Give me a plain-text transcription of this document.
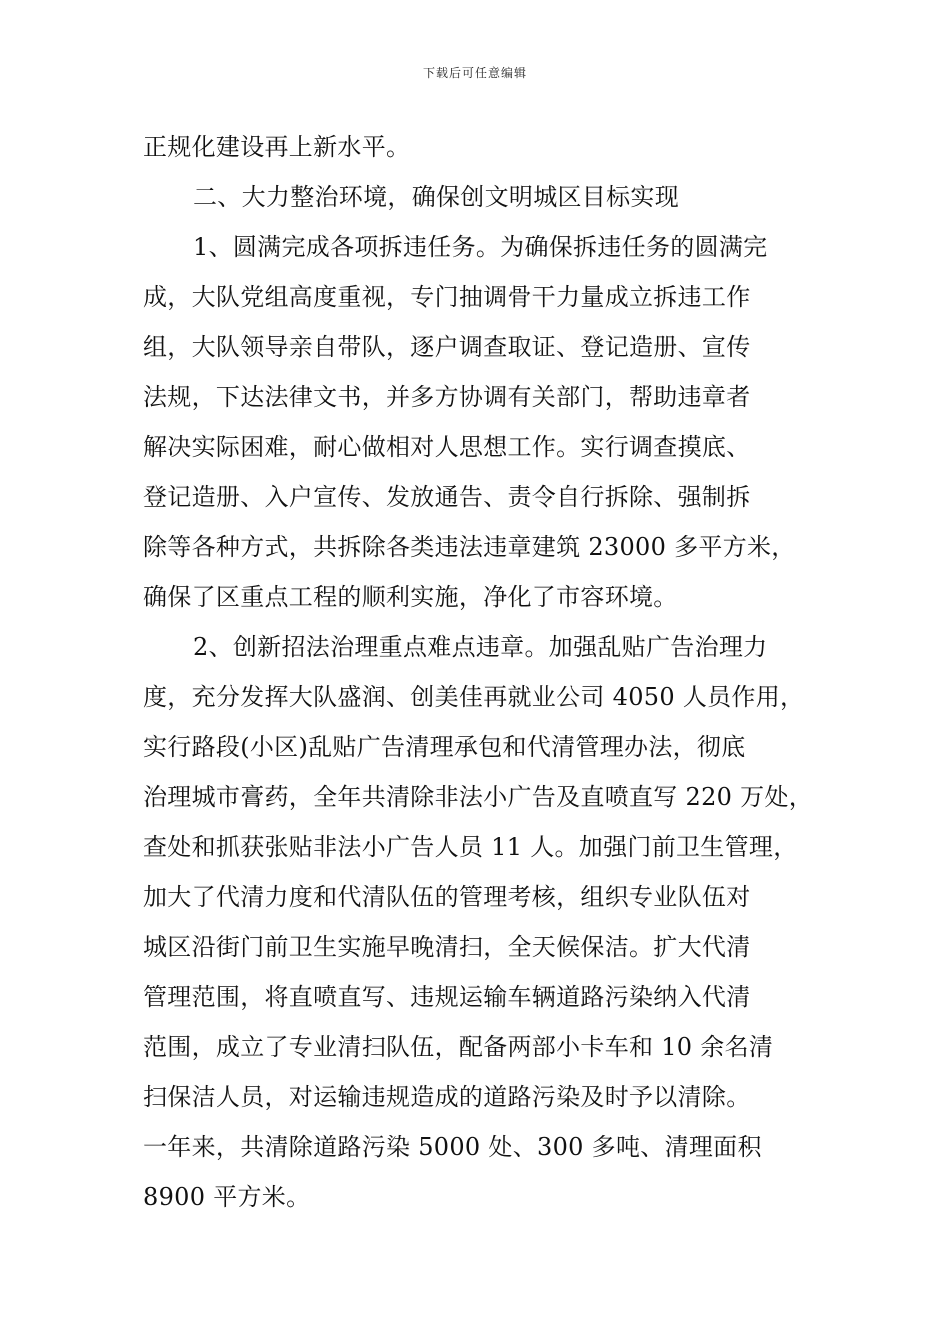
下载后可任意编辑
正规化建设再上新水平。
二、大力整治环境，确保创文明城区目标实现
1、圆满完成各项拆违任务。为确保拆违任务的圆满完
成，大队党组高度重视，专门抽调骨干力量成立拆违工作
组，大队领导亲自带队，逐户调查取证、登记造册、宣传
法规，下达法律文书，并多方协调有关部门，帮助违章者
解决实际困难，耐心做相对人思想工作。实行调查摸底、
登记造册、入户宣传、发放通告、责令自行拆除、强制拆
除等各种方式，共拆除各类违法违章建筑 23000 多平方米，
确保了区重点工程的顺利实施，净化了市容环境。
2、创新招法治理重点难点违章。加强乱贴广告治理力
度，充分发挥大队盛润、创美佳再就业公司 4050 人员作用，
实行路段(小区)乱贴广告清理承包和代清管理办法，彻底
治理城市膏药，全年共清除非法小广告及直喷直写 220 万处，
查处和抓获张贴非法小广告人员 11 人。加强门前卫生管理，
加大了代清力度和代清队伍的管理考核，组织专业队伍对
城区沿街门前卫生实施早晚清扫，全天候保洁。扩大代清
管理范围，将直喷直写、违规运输车辆道路污染纳入代清
范围，成立了专业清扫队伍，配备两部小卡车和 10 余名清
扫保洁人员，对运输违规造成的道路污染及时予以清除。
一年来，共清除道路污染 5000 处、300 多吨、清理面积
8900 平方米。
